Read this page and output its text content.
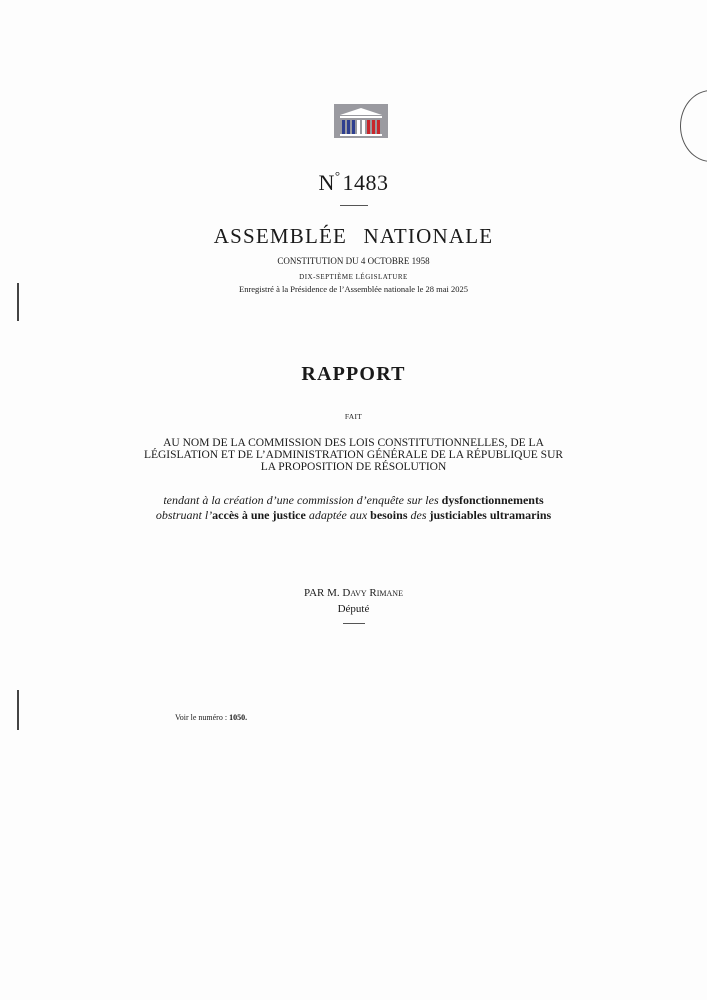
N°1483
ASSEMBLÉE NATIONALE
CONSTITUTION DU 4 OCTOBRE 1958
DIX-SEPTIÈME LÉGISLATURE
Enregistré à la Présidence de l’Assemblée nationale le 28 mai 2025
RAPPORT
FAIT
AU NOM DE LA COMMISSION DES LOIS CONSTITUTIONNELLES, DE LA
LÉGISLATION ET DE L’ADMINISTRATION GÉNÉRALE DE LA RÉPUBLIQUE SUR
LA PROPOSITION DE RÉSOLUTION
tendant à la création d’une commission d’enquête sur les dysfonctionnements
obstruant l’accès à une justice adaptée aux besoins des justiciables ultramarins
PAR M. Davy Rimane
Député
Voir le numéro : 1050.
